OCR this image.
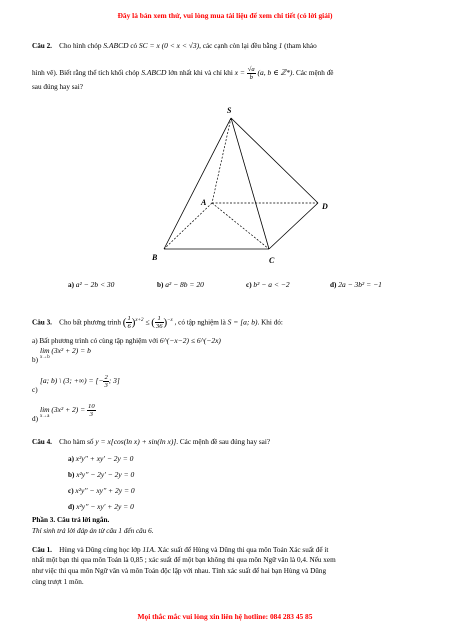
Đây là bản xem thử, vui lòng mua tài liệu để xem chi tiết (có lời giải)
Câu 2. Cho hình chóp S.ABCD có SC = x (0 < x < √3), các cạnh còn lại đều bằng 1 (tham khảo
hình vẽ). Biết rằng thể tích khối chóp S.ABCD lớn nhất khi và chỉ khi $x = \frac{√a}{b} (a$, b ∈ ℤ*). Các mệnh đề
sau đúng hay sai?
S
A
B	C
D
a) a² − 2b < 30	b) a² − 8b = 20	c) b² − a < −2	d) 2a − 3b² = −1
Câu 3. Cho bất phương trình ( $\frac{1}{6} )^{x+2}$ ≤ ( $\frac{1}{36} )^{-x}$ , có tập nghiệm là S = [a; b). Khi đó:
a) Bất phương trình có cùng tập nghiệm với 6^(−x−2) ≤ 6^(−2x)
lim (3x² + 2) = b
x→b
b)
[a; b) \ (3; +∞) = [− $\frac{2}{3}$ ; 3]
c)
$\lim (3x^2 + 2) = \frac{10}{3}$
x→a
d)
Câu 4. Cho hàm số y = x[cos(ln x) + sin(ln x)]. Các mệnh đề sau đúng hay sai?
a) x²y'' + xy' − 2y = 0
b) x²y'' − 2y' − 2y = 0
c) x²y'' − xy'' + 2y = 0
d) x²y'' − xy' + 2y = 0
Phần 3. Câu trả lời ngắn.
Thí sinh trả lời đáp án từ câu 1 đến câu 6.
Câu 1. Hùng và Dũng cùng học lớp 11A. Xác suất để Hùng và Dũng thi qua môn Toán Xác suất để ít
nhất một bạn thi qua môn Toán là 0,85 ; xác suất để một bạn không thi qua môn Ngữ văn là 0,4. Nếu xem
như việc thi qua môn Ngữ văn và môn Toán độc lập với nhau. Tính xác suất để hai bạn Hùng và Dũng
cùng trượt 1 môn.
Mọi thắc mắc vui lòng xin liên hệ hotline: 084 283 45 85
